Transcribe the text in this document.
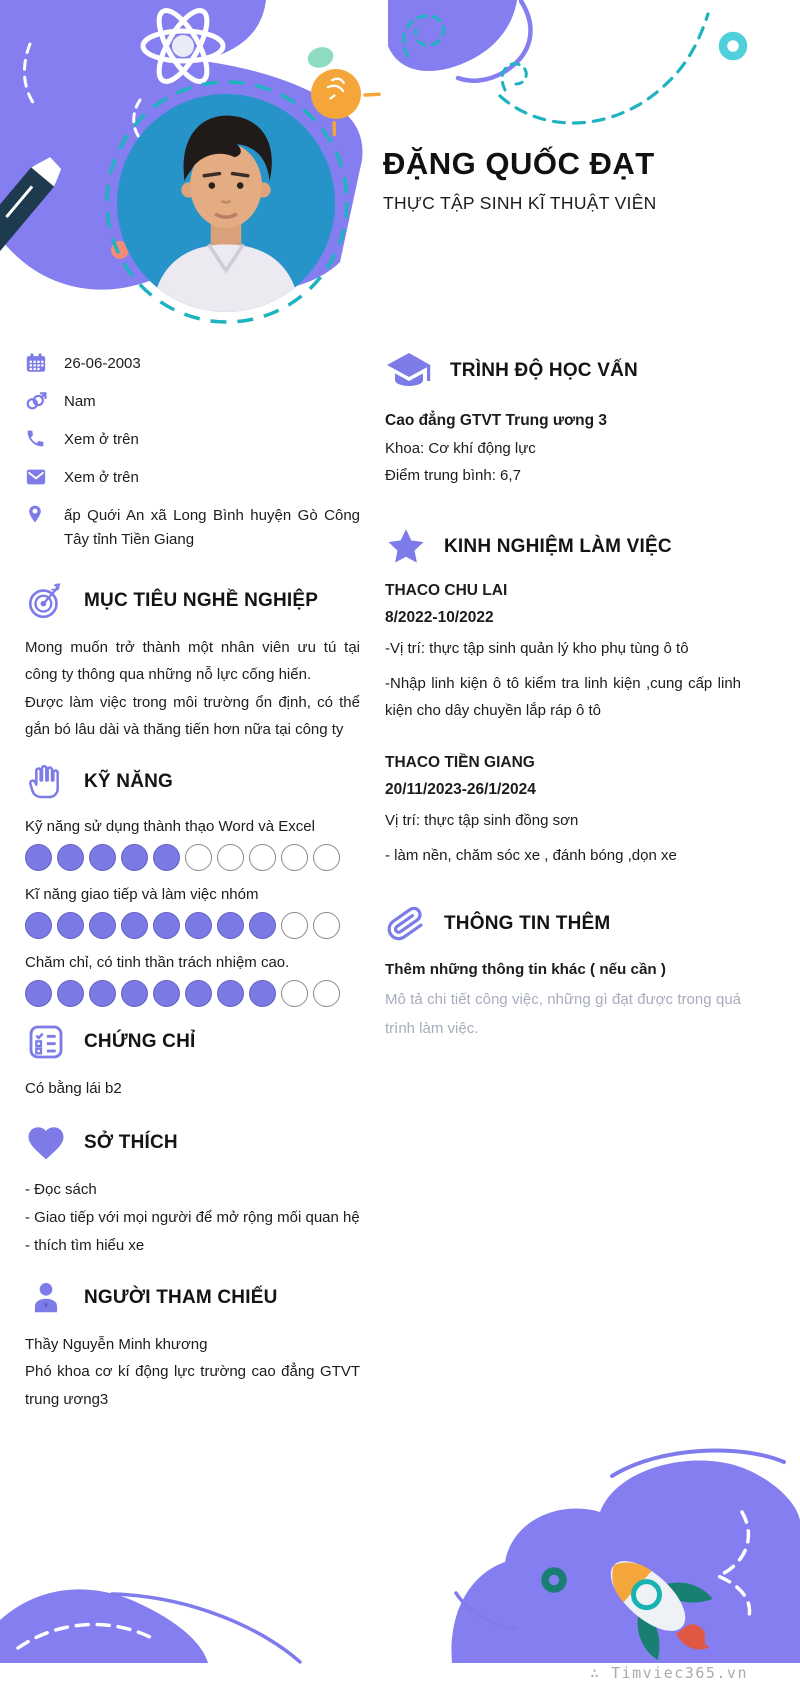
ĐẶNG QUỐC ĐẠT
THỰC TẬP SINH KĨ THUẬT VIÊN
26-06-2003
Nam
Xem ở trên
Xem ở trên
ấp Quới An xã Long Bình huyện Gò Công Tây tỉnh Tiền Giang
MỤC TIÊU NGHỀ NGHIỆP

Mong muốn trở thành một nhân viên ưu tú tại công ty thông qua những nỗ lực cống hiến.

Được làm việc trong môi trường ổn định, có thể gắn bó lâu dài và thăng tiến hơn nữa tại công ty

KỸ NĂNG
Kỹ năng sử dụng thành thạo Word và Excel
Kĩ năng giao tiếp và làm việc nhóm
Chăm chỉ, có tinh thần trách nhiệm cao.
CHỨNG CHỈ

Có bằng lái b2

SỞ THÍCH

- Đọc sách

- Giao tiếp với mọi người để mở rộng mối quan hệ

- thích tìm hiểu xe

NGƯỜI THAM CHIẾU

Thầy Nguyễn Minh khương

Phó khoa cơ kí động lực trường cao đẳng GTVT trung ương3

TRÌNH ĐỘ HỌC VẤN
Cao đẳng GTVT Trung ương 3
Khoa: Cơ khí động lực
Điểm trung bình: 6,7
KINH NGHIỆM LÀM VIỆC
THACO CHU LAI
8/2022-10/2022

-Vị trí: thực tập sinh quản lý kho phụ tùng ô tô

-Nhập linh kiện ô tô kiểm tra linh kiện ,cung cấp linh kiện cho dây chuyền lắp ráp ô tô

THACO TIỀN GIANG
20/11/2023-26/1/2024

Vị trí: thực tập sinh đồng sơn

- làm nền, chăm sóc xe , đánh bóng ,dọn xe

THÔNG TIN THÊM
Thêm những thông tin khác ( nếu cần )
Mô tả chi tiết công việc, những gì đạt được trong quá trình làm việc.
∴ Timviec365.vn
